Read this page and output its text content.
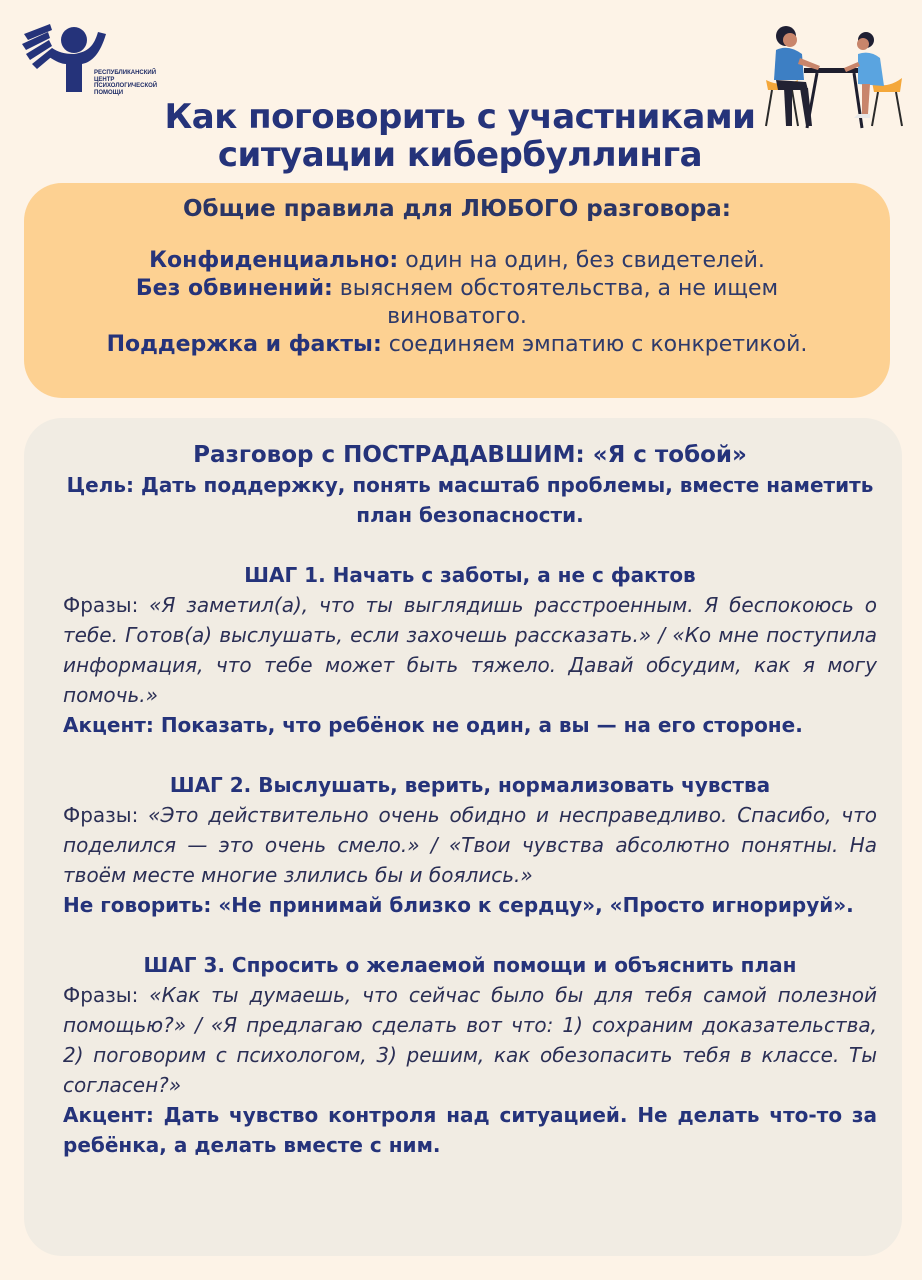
РЕСПУБЛИКАНСКИЙ ЦЕНТР ПСИХОЛОГИЧЕСКОЙ ПОМОЩИ
Как поговорить с участниками ситуации кибербуллинга
Общие правила для ЛЮБОГО разговора:
Конфиденциально: один на один, без свидетелей.
Без обвинений: выясняем обстоятельства, а не ищем виноватого.
Поддержка и факты: соединяем эмпатию с конкретикой.
Разговор с ПОСТРАДАВШИМ: «Я с тобой»
Цель: Дать поддержку, понять масштаб проблемы, вместе наметить план безопасности.
ШАГ 1. Начать с заботы, а не с фактов
Фразы: «Я заметил(а), что ты выглядишь расстроенным. Я беспокоюсь о тебе. Готов(а) выслушать, если захочешь рассказать.» / «Ко мне поступила информация, что тебе может быть тяжело. Давай обсудим, как я могу помочь.»
Акцент: Показать, что ребёнок не один, а вы — на его стороне.
ШАГ 2. Выслушать, верить, нормализовать чувства
Фразы: «Это действительно очень обидно и несправедливо. Спасибо, что поделился — это очень смело.» / «Твои чувства абсолютно понятны. На твоём месте многие злились бы и боялись.»
Не говорить: «Не принимай близко к сердцу», «Просто игнорируй».
ШАГ 3. Спросить о желаемой помощи и объяснить план
Фразы: «Как ты думаешь, что сейчас было бы для тебя самой полезной помощью?» / «Я предлагаю сделать вот что: 1) сохраним доказательства, 2) поговорим с психологом, 3) решим, как обезопасить тебя в классе. Ты согласен?»
Акцент: Дать чувство контроля над ситуацией. Не делать что-то за ребёнка, а делать вместе с ним.
